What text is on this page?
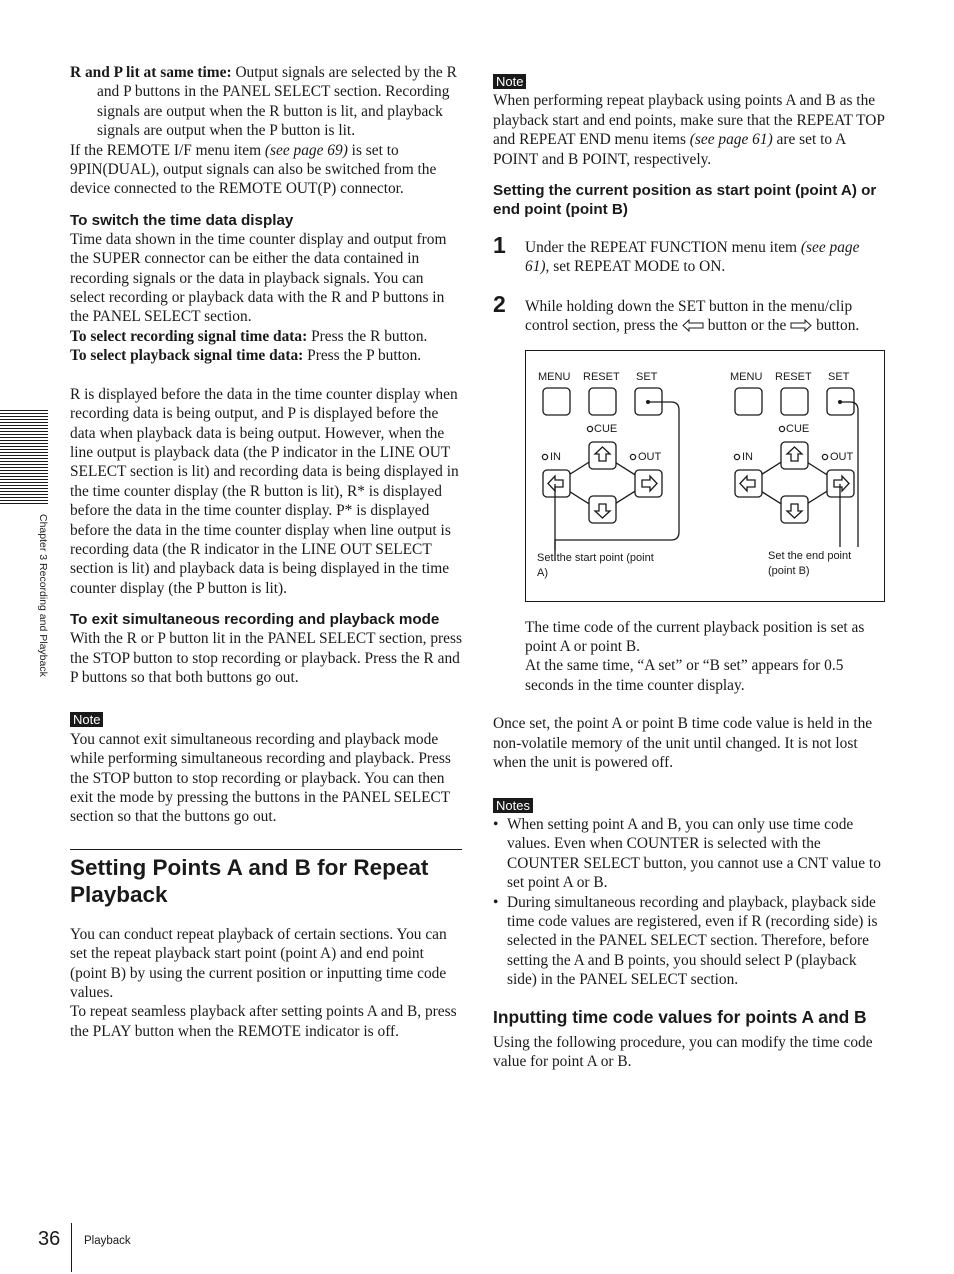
Chapter 3 Recording and Playback

R and P lit at same time: Output signals are selected by the R and P buttons in the PANEL SELECT section. Recording signals are output when the R button is lit, and playback signals are output when the P button is lit.

If the REMOTE I/F menu item (see page 69) is set to 9PIN(DUAL), output signals can also be switched from the device connected to the REMOTE OUT(P) connector.

To switch the time data display

Time data shown in the time counter display and output from the SUPER connector can be either the data contained in recording signals or the data in playback signals. You can select recording or playback data with the R and P buttons in the PANEL SELECT section.

To select recording signal time data: Press the R button.

To select playback signal time data: Press the P button.

R is displayed before the data in the time counter display when recording data is being output, and P is displayed before the data when playback data is being output. However, when the line output is playback data (the P indicator in the LINE OUT SELECT section is lit) and recording data is being displayed in the time counter display (the R button is lit), R* is displayed before the data in the time counter display. P* is displayed before the data in the time counter display when line output is recording data (the R indicator in the LINE OUT SELECT section is lit) and playback data is being displayed in the time counter display (the P button is lit).

To exit simultaneous recording and playback mode

With the R or P button lit in the PANEL SELECT section, press the STOP button to stop recording or playback. Press the R and P buttons so that both buttons go out.

Note

You cannot exit simultaneous recording and playback mode while performing simultaneous recording and playback. Press the STOP button to stop recording or playback. You can then exit the mode by pressing the buttons in the PANEL SELECT section so that the buttons go out.

Setting Points A and B for Repeat Playback

You can conduct repeat playback of certain sections. You can set the repeat playback start point (point A) and end point (point B) by using the current position or inputting time code values.

To repeat seamless playback after setting points A and B, press the PLAY button when the REMOTE indicator is off.

Note

When performing repeat playback using points A and B as the playback start and end points, make sure that the REPEAT TOP and REPEAT END menu items (see page 61) are set to A POINT and B POINT, respectively.

Setting the current position as start point (point A) or end point (point B)

1 Under the REPEAT FUNCTION menu item (see page 61), set REPEAT MODE to ON.

2 While holding down the SET button in the menu/clip control section, press the  button or the  button.

MENU RESET SET
CUE
IN	OUT
MENU RESET SET
CUE
IN	OUT
Set the start point (point A)
Set the end point (point B)

The time code of the current playback position is set as point A or point B.

At the same time, “A set” or “B set” appears for 0.5 seconds in the time counter display.

Once set, the point A or point B time code value is held in the non-volatile memory of the unit until changed. It is not lost when the unit is powered off.

Notes

• When setting point A and B, you can only use time code values. Even when COUNTER is selected with the COUNTER SELECT button, you cannot use a CNT value to set point A or B.
• During simultaneous recording and playback, playback side time code values are registered, even if R (recording side) is selected in the PANEL SELECT section. Therefore, before setting the A and B points, you should select P (playback side) in the PANEL SELECT section.

Inputting time code values for points A and B

Using the following procedure, you can modify the time code value for point A or B.

36 Playback
